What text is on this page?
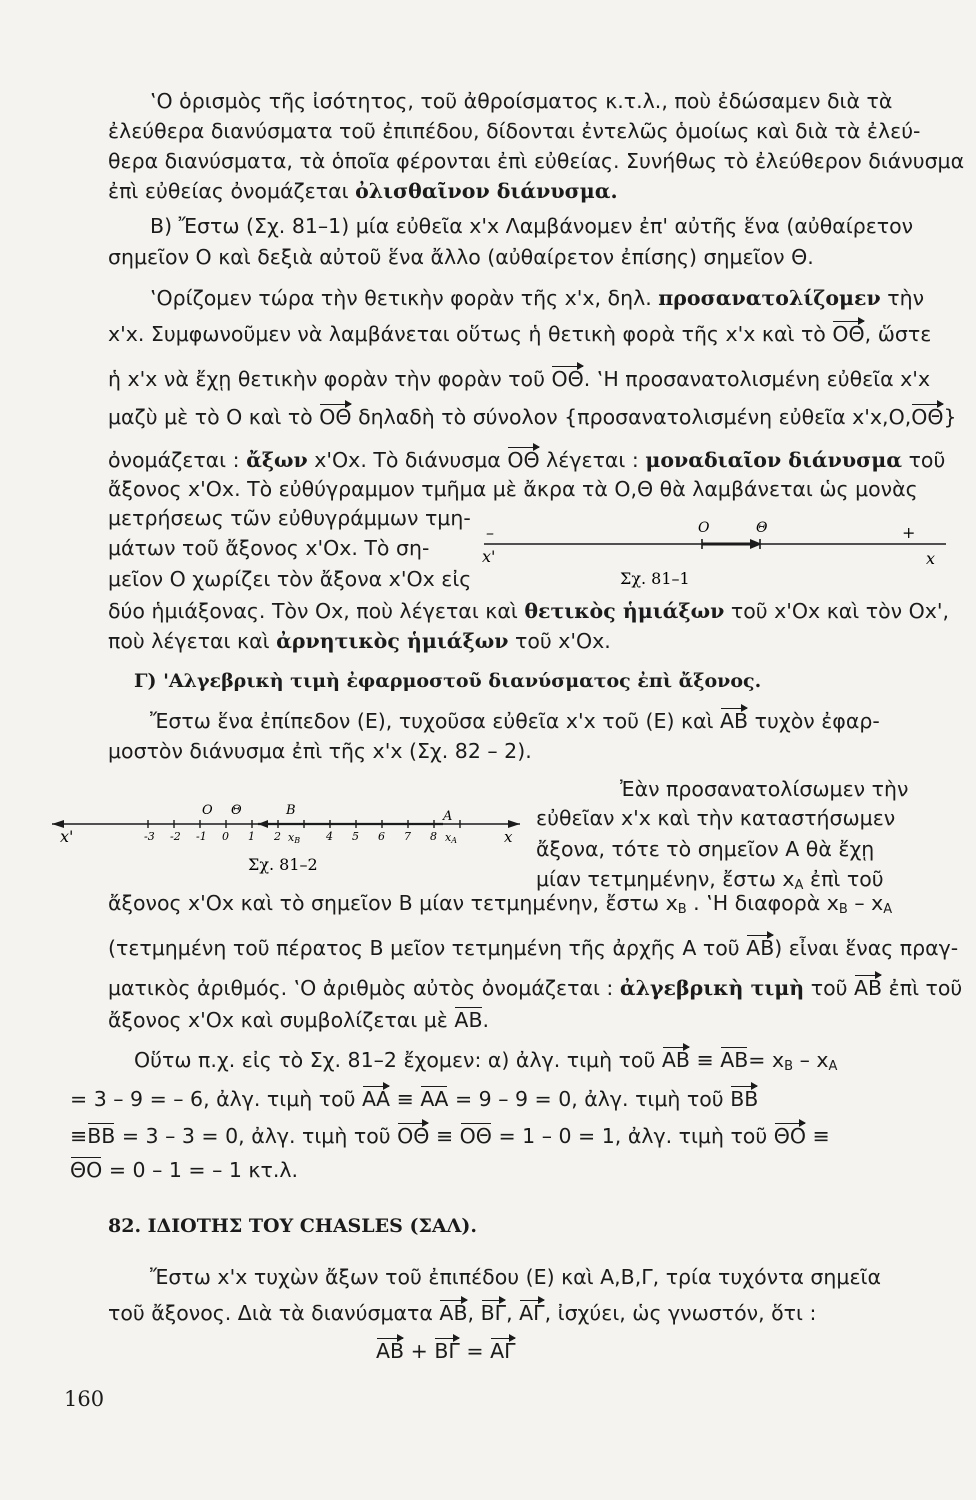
‛Ο ὁρισμὸς τῆς ἰσότητος, τοῦ ἀθροίσματος κ.τ.λ., ποὺ ἐδώσαμεν διὰ τὰ
ἐλεύθερα διανύσματα τοῦ ἐπιπέδου, δίδονται ἐντελῶς ὁμοίως καὶ διὰ τὰ ἐλεύ-
θερα διανύσματα, τὰ ὁποῖα φέρονται ἐπὶ εὐθείας. Συνήθως τὸ ἐλεύθερον διάνυσμα
ἐπὶ εὐθείας ὀνομάζεται ὀλισθαῖνον διάνυσμα.
Β) Ἔστω (Σχ. 81–1) μία εὐθεῖα x'x Λαμβάνομεν ἐπ' αὐτῆς ἕνα (αὐθαίρετον
σημεῖον Ο καὶ δεξιὰ αὐτοῦ ἕνα ἄλλο (αὐθαίρετον ἐπίσης) σημεῖον Θ.
‛Ορίζομεν τώρα τὴν θετικὴν φορὰν τῆς x'x, δηλ. προσανατολίζομεν τὴν
x'x. Συμφωνοῦμεν νὰ λαμβάνεται οὕτως ἡ θετικὴ φορὰ τῆς x'x καὶ τὸ ΟΘ, ὥστε
ἡ x'x νὰ ἔχῃ θετικὴν φορὰν τὴν φορὰν τοῦ ΟΘ. ‛Η προσανατολισμένη εὐθεῖα x'x
μαζὺ μὲ τὸ Ο καὶ τὸ ΟΘ δηλαδὴ τὸ σύνολον {προσανατολισμένη εὐθεῖα x'x,Ο,ΟΘ}
ὀνομάζεται : ἄξων x'Οx. Τὸ διάνυσμα ΟΘ λέγεται : μοναδιαῖον διάνυσμα τοῦ
ἄξονος x'Οx. Τὸ εὐθύγραμμον τμῆμα μὲ ἄκρα τὰ Ο,Θ θὰ λαμβάνεται ὡς μονὰς
μετρήσεως τῶν εὐθυγράμμων τμη-
μάτων τοῦ ἄξονος x'Οx. Τὸ ση-
μεῖον Ο χωρίζει τὸν ἄξονα x'Οx εἰς
δύο ἡμιάξονας. Τὸν Οx, ποὺ λέγεται καὶ θετικὸς ἡμιάξων τοῦ x'Οx καὶ τὸν Οx',
ποὺ λέγεται καὶ ἀρνητικὸς ἡμιάξων τοῦ x'Οx.
–	+
x'	x
O	Θ
Σχ. 81–1
Γ) 'Αλγεβρικὴ τιμὴ ἐφαρμοστοῦ διανύσματος ἐπὶ ἄξονος.
Ἔστω ἕνα ἐπίπεδον (Ε), τυχοῦσα εὐθεῖα x'x τοῦ (Ε) καὶ ΑΒ τυχὸν ἐφαρ-
μοστὸν διάνυσμα ἐπὶ τῆς x'x (Σχ. 82 – 2).
Ἐὰν προσανατολίσωμεν τὴν
εὐθεῖαν x'x καὶ τὴν καταστήσωμεν
ἄξονα, τότε τὸ σημεῖον Α θὰ ἔχῃ
μίαν τετμημένην, ἔστω $x_A$ ἐπὶ τοῦ
-3 -2 -1 0 1 2	4 5 6 7 8
x'	x
O Θ	Β	Α
xΒ	xΑ
Σχ. 81–2
ἄξονος x'Οx καὶ τὸ σημεῖον Β μίαν τετμημένην, ἔστω $x_B$ . ‛Η διαφορὰ $x_B - x_A$
(τετμημένη τοῦ πέρατος Β μεῖον τετμημένη τῆς ἀρχῆς Α τοῦ ΑΒ) εἶναι ἕνας πραγ-
ματικὸς ἀριθμός. ‛Ο ἀριθμὸς αὐτὸς ὀνομάζεται : ἀλγεβρικὴ τιμὴ τοῦ ΑΒ ἐπὶ τοῦ
ἄξονος x'Οx καὶ συμβολίζεται μὲ ΑΒ.
Οὕτω π.χ. εἰς τὸ Σχ. 81–2 ἔχομεν: α) ἀλγ. τιμὴ τοῦ $AB \equiv AB= x_B - x_A$
= 3 – 9 = – 6, ἀλγ. τιμὴ τοῦ ΑΑ ≡ ΑΑ = 9 – 9 = 0, ἀλγ. τιμὴ τοῦ ΒΒ
≡ΒΒ = 3 – 3 = 0, ἀλγ. τιμὴ τοῦ ΟΘ ≡ ΟΘ = 1 – 0 = 1, ἀλγ. τιμὴ τοῦ ΘΟ ≡
ΘΟ = 0 – 1 = – 1 κτ.λ.
82. ΙΔΙΟΤΗΣ ΤΟΥ CHASLES (ΣΑΛ).
Ἔστω x'x τυχὼν ἄξων τοῦ ἐπιπέδου (Ε) καὶ Α,Β,Γ, τρία τυχόντα σημεῖα
τοῦ ἄξονος. Διὰ τὰ διανύσματα ΑΒ, ΒΓ, ΑΓ, ἰσχύει, ὡς γνωστόν, ὅτι :
ΑΒ + ΒΓ = ΑΓ
160
